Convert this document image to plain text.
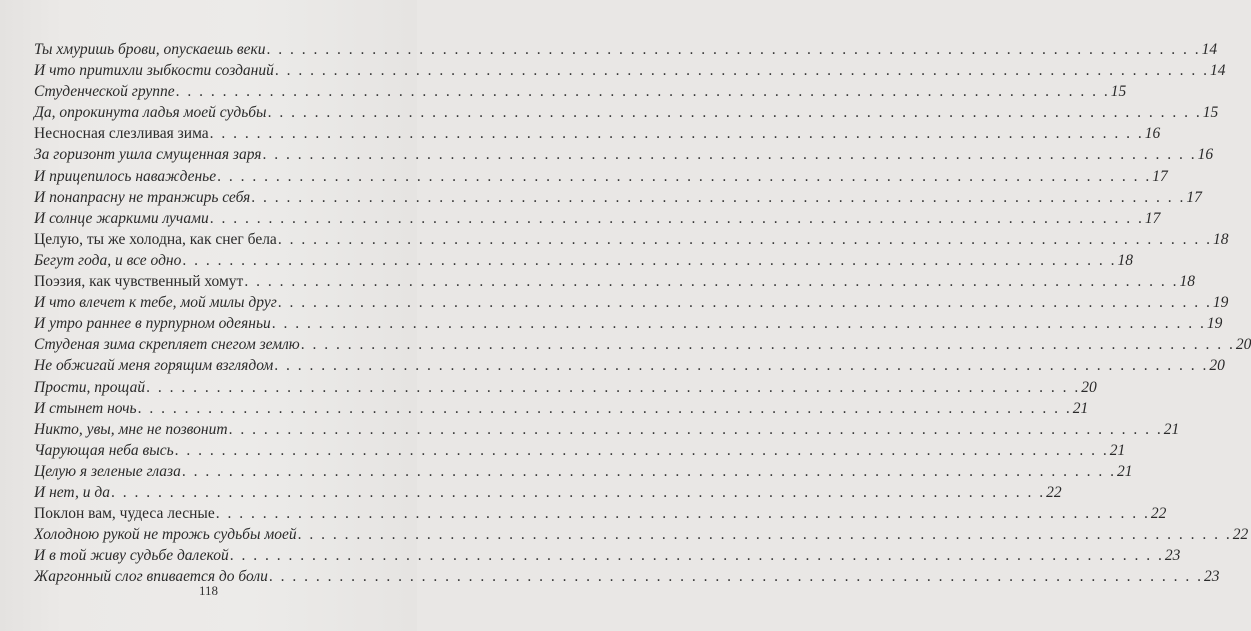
Ты хмуришь брови, опускаешь веки . . . . . . . . . . . . . . . . . . . . . . . . . . . . . . . . . . . . . . . . . . . . . . . . . . . . . . . . . . . . . . . . . . . . . . . . . . . . . . . . 14
И что притихли зыбкости созданий . . . . . . . . . . . . . . . . . . . . . . . . . . . . . . . . . . . . . . . . . . . . . . . . . . . . . . . . . . . . . . . . . . . . . . . . . . . . . . . . 14
Студенческой группе . . . . . . . . . . . . . . . . . . . . . . . . . . . . . . . . . . . . . . . . . . . . . . . . . . . . . . . . . . . . . . . . . . . . . . . . . . . . . . . . 15
Да, опрокинута ладья моей судьбы . . . . . . . . . . . . . . . . . . . . . . . . . . . . . . . . . . . . . . . . . . . . . . . . . . . . . . . . . . . . . . . . . . . . . . . . . . . . . . . . 15
Несносная слезливая зима . . . . . . . . . . . . . . . . . . . . . . . . . . . . . . . . . . . . . . . . . . . . . . . . . . . . . . . . . . . . . . . . . . . . . . . . . . . . . . . . 16
За горизонт ушла смущенная заря . . . . . . . . . . . . . . . . . . . . . . . . . . . . . . . . . . . . . . . . . . . . . . . . . . . . . . . . . . . . . . . . . . . . . . . . . . . . . . . . 16
И прицепилось наважденье . . . . . . . . . . . . . . . . . . . . . . . . . . . . . . . . . . . . . . . . . . . . . . . . . . . . . . . . . . . . . . . . . . . . . . . . . . . . . . . . 17
И понапрасну не транжирь себя . . . . . . . . . . . . . . . . . . . . . . . . . . . . . . . . . . . . . . . . . . . . . . . . . . . . . . . . . . . . . . . . . . . . . . . . . . . . . . . . 17
И солнце жаркими лучами . . . . . . . . . . . . . . . . . . . . . . . . . . . . . . . . . . . . . . . . . . . . . . . . . . . . . . . . . . . . . . . . . . . . . . . . . . . . . . . . 17
Целую, ты же холодна, как снег бела . . . . . . . . . . . . . . . . . . . . . . . . . . . . . . . . . . . . . . . . . . . . . . . . . . . . . . . . . . . . . . . . . . . . . . . . . . . . . . . . 18
Бегут года, и все одно . . . . . . . . . . . . . . . . . . . . . . . . . . . . . . . . . . . . . . . . . . . . . . . . . . . . . . . . . . . . . . . . . . . . . . . . . . . . . . . . 18
Поэзия, как чувственный хомут . . . . . . . . . . . . . . . . . . . . . . . . . . . . . . . . . . . . . . . . . . . . . . . . . . . . . . . . . . . . . . . . . . . . . . . . . . . . . . . . 18
И что влечет к тебе, мой милы друг . . . . . . . . . . . . . . . . . . . . . . . . . . . . . . . . . . . . . . . . . . . . . . . . . . . . . . . . . . . . . . . . . . . . . . . . . . . . . . . . 19
И утро раннее в пурпурном одеяньи . . . . . . . . . . . . . . . . . . . . . . . . . . . . . . . . . . . . . . . . . . . . . . . . . . . . . . . . . . . . . . . . . . . . . . . . . . . . . . . . 19
Студеная зима скрепляет снегом землю . . . . . . . . . . . . . . . . . . . . . . . . . . . . . . . . . . . . . . . . . . . . . . . . . . . . . . . . . . . . . . . . . . . . . . . . . . . . . . . . 20
Не обжигай меня горящим взглядом . . . . . . . . . . . . . . . . . . . . . . . . . . . . . . . . . . . . . . . . . . . . . . . . . . . . . . . . . . . . . . . . . . . . . . . . . . . . . . . . 20
Прости, прощай . . . . . . . . . . . . . . . . . . . . . . . . . . . . . . . . . . . . . . . . . . . . . . . . . . . . . . . . . . . . . . . . . . . . . . . . . . . . . . . . 20
И стынет ночь . . . . . . . . . . . . . . . . . . . . . . . . . . . . . . . . . . . . . . . . . . . . . . . . . . . . . . . . . . . . . . . . . . . . . . . . . . . . . . . . 21
Никто, увы, мне не позвонит . . . . . . . . . . . . . . . . . . . . . . . . . . . . . . . . . . . . . . . . . . . . . . . . . . . . . . . . . . . . . . . . . . . . . . . . . . . . . . . . 21
Чарующая неба высь . . . . . . . . . . . . . . . . . . . . . . . . . . . . . . . . . . . . . . . . . . . . . . . . . . . . . . . . . . . . . . . . . . . . . . . . . . . . . . . . 21
Целую я зеленые глаза . . . . . . . . . . . . . . . . . . . . . . . . . . . . . . . . . . . . . . . . . . . . . . . . . . . . . . . . . . . . . . . . . . . . . . . . . . . . . . . . 21
И нет, и да . . . . . . . . . . . . . . . . . . . . . . . . . . . . . . . . . . . . . . . . . . . . . . . . . . . . . . . . . . . . . . . . . . . . . . . . . . . . . . . . 22
Поклон вам, чудеса лесные . . . . . . . . . . . . . . . . . . . . . . . . . . . . . . . . . . . . . . . . . . . . . . . . . . . . . . . . . . . . . . . . . . . . . . . . . . . . . . . . 22
Холодною рукой не трожь судьбы моей . . . . . . . . . . . . . . . . . . . . . . . . . . . . . . . . . . . . . . . . . . . . . . . . . . . . . . . . . . . . . . . . . . . . . . . . . . . . . . . . 22
И в той живу судьбе далекой . . . . . . . . . . . . . . . . . . . . . . . . . . . . . . . . . . . . . . . . . . . . . . . . . . . . . . . . . . . . . . . . . . . . . . . . . . . . . . . . 23
Жаргонный слог впивается до боли . . . . . . . . . . . . . . . . . . . . . . . . . . . . . . . . . . . . . . . . . . . . . . . . . . . . . . . . . . . . . . . . . . . . . . . . . . . . . . . . 23
118
